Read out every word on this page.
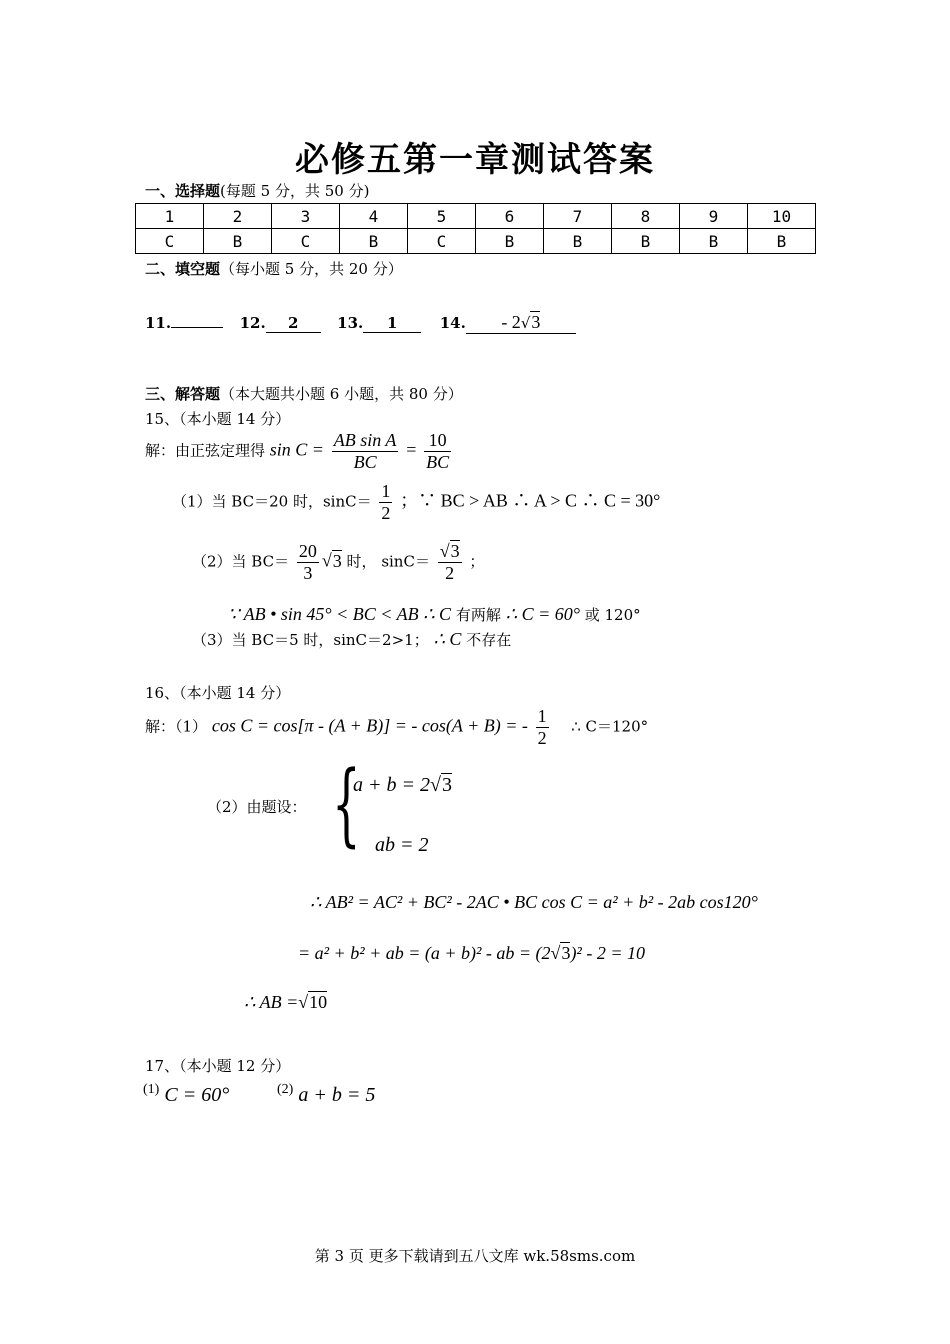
必修五第一章测试答案
一、选择题(每题 5 分，共 50 分)
1	2	3	4	5	6	7	8	9	10
C	B	C	B	C	B	B	B	B	B
二、填空题（每小题 5 分，共 20 分）
11.	12. 2	13. 1	14. - 2√3
三、解答题（本大题共小题 6 小题，共 80 分）
15、（本小题 14 分）
解：由正弦定理得 $\sin C = \frac{\text{AB sin A}}{BC} = \frac{10}{BC}$
（1）当 BC＝20 时，$\sin C= \frac{1}{2}$ ；∵ BC > AB ∴ A > C ∴ C = 30°
（2）当 $BC= \frac{20}{3} √3$ 时， $\sin C= \frac{√3}{2}$ ；
∵ AB • sin 45° < BC < AB ∴ C 有两解 ∴ C = 60° 或 120°
（3）当 BC＝5 时，sinC＝2>1； ∴ C 不存在
16、（本小题 14 分）
解：（1） cos C = cos[π - (A + B)] = - cos(A + B) = - $\frac{1}{2}$ ∴ C＝120°
（2）由题设： {
a + b = 2√3
ab = 2
∴ AB² = AC² + BC² - 2AC • BC cos C = a² + b² - 2ab cos120°
= a² + b² + ab = (a + b)² - ab = (2√3)² - 2 = 10
∴ AB =√10
17、（本小题 12 分）
(1) C = 60°	(2) a + b = 5
第 3 页 更多下载请到五八文库 wk.58sms.com
